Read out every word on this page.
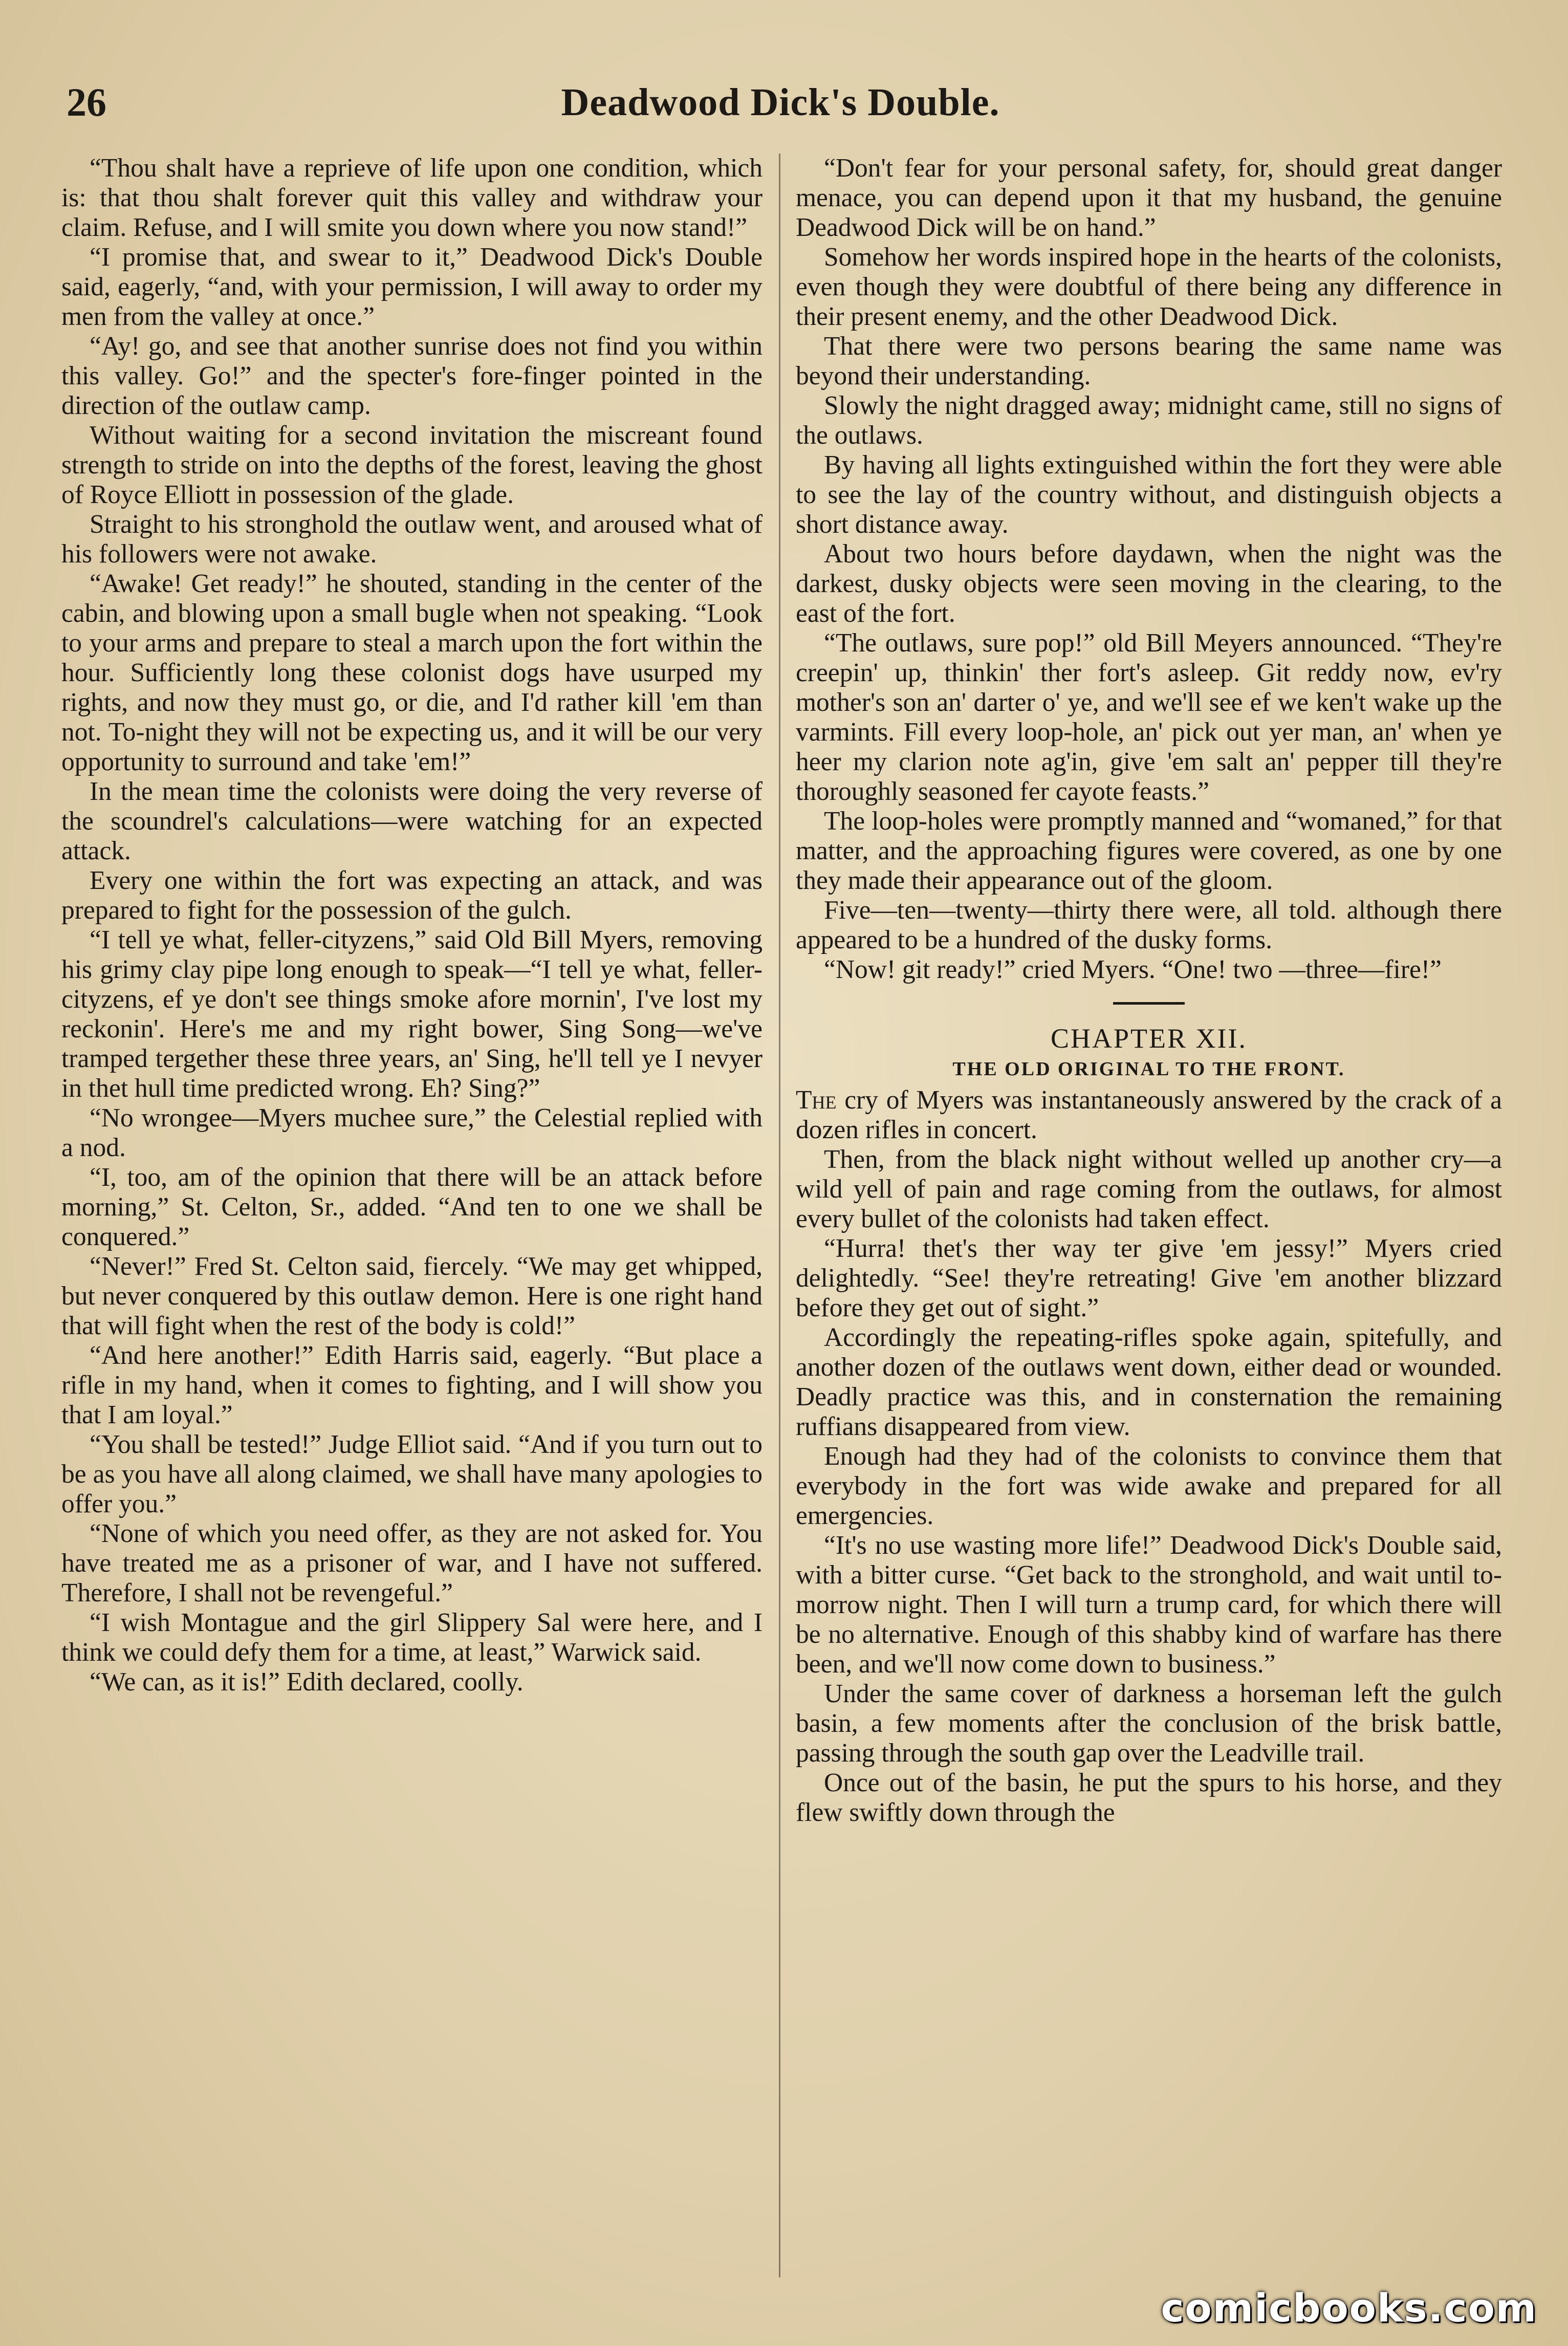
26	Deadwood Dick's Double.

“Thou shalt have a reprieve of life upon one condition, which is: that thou shalt forever quit this valley and withdraw your claim. Refuse, and I will smite you down where you now stand!”

“I promise that, and swear to it,” Deadwood Dick's Double said, eagerly, “and, with your permission, I will away to order my men from the valley at once.”

“Ay! go, and see that another sunrise does not find you within this valley. Go!” and the specter's fore-finger pointed in the direction of the outlaw camp.

Without waiting for a second invitation the miscreant found strength to stride on into the depths of the forest, leaving the ghost of Royce Elliott in possession of the glade.

Straight to his stronghold the outlaw went, and aroused what of his followers were not awake.

“Awake! Get ready!” he shouted, standing in the center of the cabin, and blowing upon a small bugle when not speaking. “Look to your arms and prepare to steal a march upon the fort within the hour. Sufficiently long these colonist dogs have usurped my rights, and now they must go, or die, and I'd rather kill 'em than not. To-night they will not be expecting us, and it will be our very opportunity to surround and take 'em!”

In the mean time the colonists were doing the very reverse of the scoundrel's calculations—were watching for an expected attack.

Every one within the fort was expecting an attack, and was prepared to fight for the possession of the gulch.

“I tell ye what, feller-cityzens,” said Old Bill Myers, removing his grimy clay pipe long enough to speak—“I tell ye what, feller-cityzens, ef ye don't see things smoke afore mornin', I've lost my reckonin'. Here's me and my right bower, Sing Song—we've tramped tergether these three years, an' Sing, he'll tell ye I nevyer in thet hull time predicted wrong. Eh? Sing?”

“No wrongee—Myers muchee sure,” the Celestial replied with a nod.

“I, too, am of the opinion that there will be an attack before morning,” St. Celton, Sr., added. “And ten to one we shall be conquered.”

“Never!” Fred St. Celton said, fiercely. “We may get whipped, but never conquered by this outlaw demon. Here is one right hand that will fight when the rest of the body is cold!”

“And here another!” Edith Harris said, eagerly. “But place a rifle in my hand, when it comes to fighting, and I will show you that I am loyal.”

“You shall be tested!” Judge Elliot said. “And if you turn out to be as you have all along claimed, we shall have many apologies to offer you.”

“None of which you need offer, as they are not asked for. You have treated me as a prisoner of war, and I have not suffered. Therefore, I shall not be revengeful.”

“I wish Montague and the girl Slippery Sal were here, and I think we could defy them for a time, at least,” Warwick said.

“We can, as it is!” Edith declared, coolly.

“Don't fear for your personal safety, for, should great danger menace, you can depend upon it that my husband, the genuine Deadwood Dick will be on hand.”

Somehow her words inspired hope in the hearts of the colonists, even though they were doubtful of there being any difference in their present enemy, and the other Deadwood Dick.

That there were two persons bearing the same name was beyond their understanding.

Slowly the night dragged away; midnight came, still no signs of the outlaws.

By having all lights extinguished within the fort they were able to see the lay of the country without, and distinguish objects a short distance away.

About two hours before daydawn, when the night was the darkest, dusky objects were seen moving in the clearing, to the east of the fort.

“The outlaws, sure pop!” old Bill Meyers announced. “They're creepin' up, thinkin' ther fort's asleep. Git reddy now, ev'ry mother's son an' darter o' ye, and we'll see ef we ken't wake up the varmints. Fill every loop-hole, an' pick out yer man, an' when ye heer my clarion note ag'in, give 'em salt an' pepper till they're thoroughly seasoned fer cayote feasts.”

The loop-holes were promptly manned and “womaned,” for that matter, and the approaching figures were covered, as one by one they made their appearance out of the gloom.

Five—ten—twenty—thirty there were, all told. although there appeared to be a hundred of the dusky forms.

“Now! git ready!” cried Myers. “One! two —three—fire!”

CHAPTER XII.

THE OLD ORIGINAL TO THE FRONT.

The cry of Myers was instantaneously answered by the crack of a dozen rifles in concert.

Then, from the black night without welled up another cry—a wild yell of pain and rage coming from the outlaws, for almost every bullet of the colonists had taken effect.

“Hurra! thet's ther way ter give 'em jessy!” Myers cried delightedly. “See! they're retreating! Give 'em another blizzard before they get out of sight.”

Accordingly the repeating-rifles spoke again, spitefully, and another dozen of the outlaws went down, either dead or wounded. Deadly practice was this, and in consternation the remaining ruffians disappeared from view.

Enough had they had of the colonists to convince them that everybody in the fort was wide awake and prepared for all emergencies.

“It's no use wasting more life!” Deadwood Dick's Double said, with a bitter curse. “Get back to the stronghold, and wait until to-morrow night. Then I will turn a trump card, for which there will be no alternative. Enough of this shabby kind of warfare has there been, and we'll now come down to business.”

Under the same cover of darkness a horseman left the gulch basin, a few moments after the conclusion of the brisk battle, passing through the south gap over the Leadville trail.

Once out of the basin, he put the spurs to his horse, and they flew swiftly down through the

comicbooks.com
